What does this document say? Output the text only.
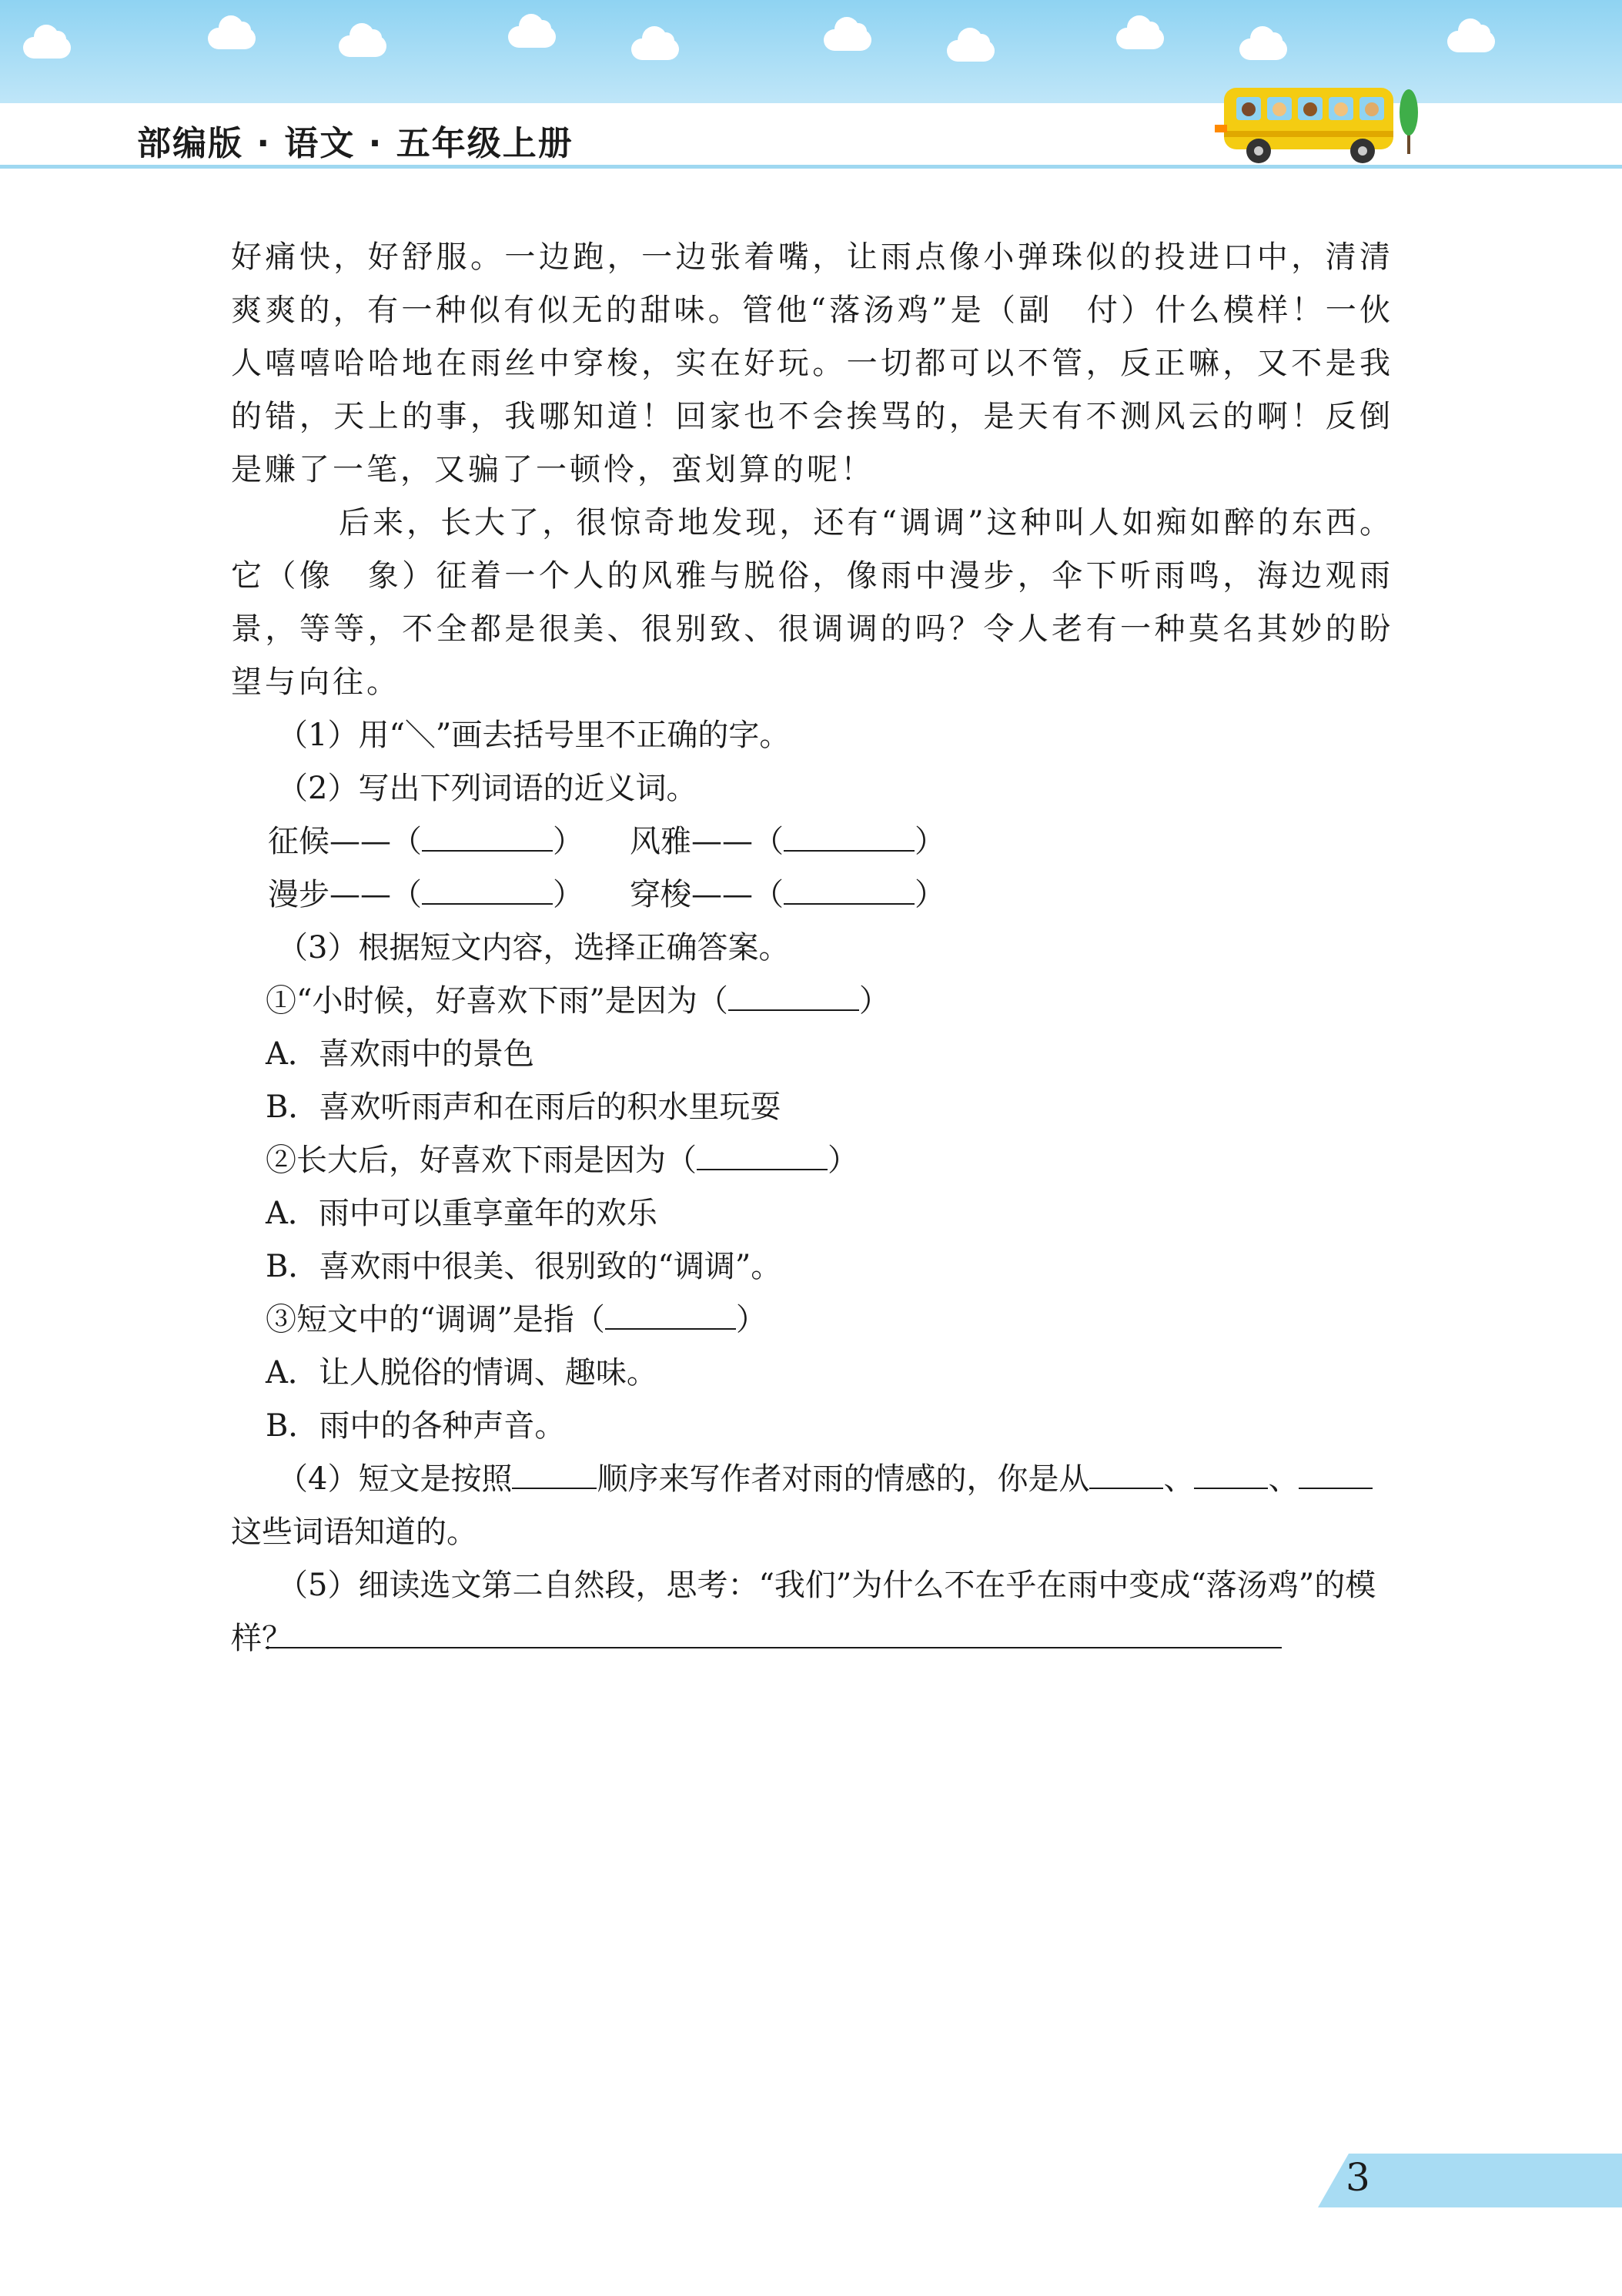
部编版 · 语文 · 五年级上册

好痛快，好舒服。一边跑，一边张着嘴，让雨点像小弹珠似的投进口中，清清爽爽的，有一种似有似无的甜味。管他“落汤鸡”是（副　付）什么模样！一伙人嘻嘻哈哈地在雨丝中穿梭，实在好玩。一切都可以不管，反正嘛，又不是我的错，天上的事，我哪知道！回家也不会挨骂的，是天有不测风云的啊！反倒是赚了一笔，又骗了一顿怜，蛮划算的呢！

后来，长大了，很惊奇地发现，还有“调调”这种叫人如痴如醉的东西。它（像　象）征着一个人的风雅与脱俗，像雨中漫步，伞下听雨鸣，海边观雨景，等等，不全都是很美、很别致、很调调的吗？令人老有一种莫名其妙的盼望与向往。

（1）用“＼”画去括号里不正确的字。

（2）写出下列词语的近义词。

征候——（	）　　 风雅——（	）

漫步——（	）　　 穿梭——（	）

（3）根据短文内容，选择正确答案。

①“小时候，好喜欢下雨”是因为（	）

A．喜欢雨中的景色

B．喜欢听雨声和在雨后的积水里玩耍

②长大后，好喜欢下雨是因为（	）

A．雨中可以重享童年的欢乐

B．喜欢雨中很美、很别致的“调调”。

③短文中的“调调”是指（	）

A．让人脱俗的情调、趣味。

B．雨中的各种声音。

（4）短文是按照	顺序来写作者对雨的情感的，你是从 、 、

这些词语知道的。

（5）细读选文第二自然段，思考：“我们”为什么不在乎在雨中变成“落汤鸡”的模样？

3
